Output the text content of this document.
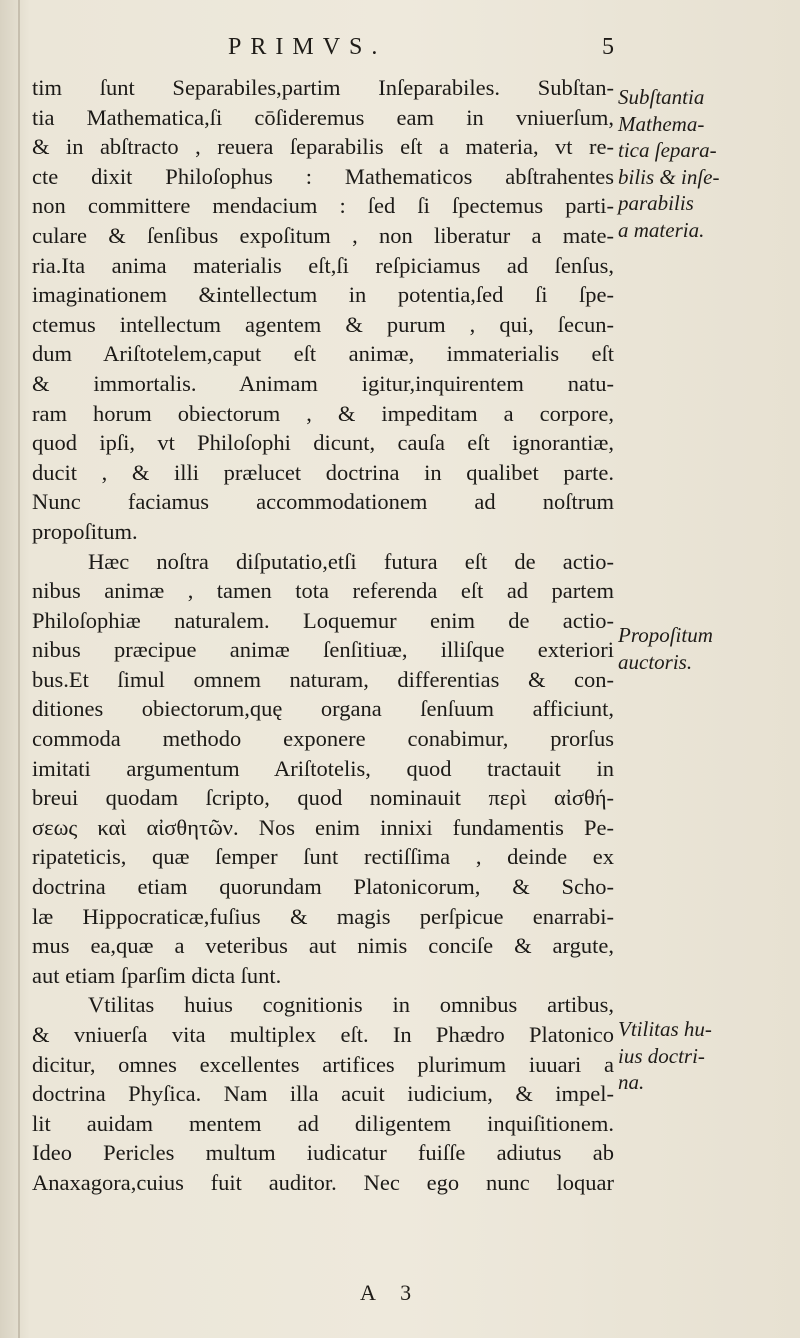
PRIMVS.	5
tim ſunt Separabiles,partim Inſeparabiles. Subſtan-
tia Mathematica,ſi cōſideremus eam in vniuerſum,
& in abſtracto , reuera ſeparabilis eſt a materia, vt re-
cte dixit Philoſophus : Mathematicos abſtrahentes
non committere mendacium : ſed ſi ſpectemus parti-
culare & ſenſibus expoſitum , non liberatur a mate-
ria.Ita anima materialis eſt,ſi reſpiciamus ad ſenſus,
imaginationem &intellectum in potentia,ſed ſi ſpe-
ctemus intellectum agentem & purum , qui, ſecun-
dum Ariſtotelem,caput eſt animæ, immaterialis eſt
& immortalis. Animam igitur,inquirentem natu-
ram horum obiectorum , & impeditam a corpore,
quod ipſi, vt Philoſophi dicunt, cauſa eſt ignorantiæ,
ducit , & illi prælucet doctrina in qualibet parte.
Nunc faciamus accommodationem ad noſtrum
propoſitum.
Hæc noſtra diſputatio,etſi futura eſt de actio-
nibus animæ , tamen tota referenda eſt ad partem
Philoſophiæ naturalem. Loquemur enim de actio-
nibus præcipue animæ ſenſitiuæ, illiſque exteriori
bus.Et ſimul omnem naturam, differentias & con-
ditiones obiectorum,quę organa ſenſuum afficiunt,
commoda methodo exponere conabimur, prorſus
imitati argumentum Ariſtotelis, quod tractauit in
breui quodam ſcripto, quod nominauit περὶ αἰσθή-
σεως καὶ αἰσθητῶν. Nos enim innixi fundamentis Pe-
ripateticis, quæ ſemper ſunt rectiſſima , deinde ex
doctrina etiam quorundam Platonicorum, & Scho-
læ Hippocraticæ,fuſius & magis perſpicue enarrabi-
mus ea,quæ a veteribus aut nimis conciſe & argute,
aut etiam ſparſim dicta ſunt.
Vtilitas huius cognitionis in omnibus artibus,
& vniuerſa vita multiplex eſt. In Phædro Platonico
dicitur, omnes excellentes artifices plurimum iuuari a
doctrina Phyſica. Nam illa acuit iudicium, & impel-
lit auidam mentem ad diligentem inquiſitionem.
Ideo Pericles multum iudicatur fuiſſe adiutus ab
Anaxagora,cuius fuit auditor. Nec ego nunc loquar
Subſtantia
Mathema-
tica ſepara-
bilis & inſe-
parabilis
a materia.
Propoſitum
auctoris.
Vtilitas hu-
ius doctri-
na.
A 3
